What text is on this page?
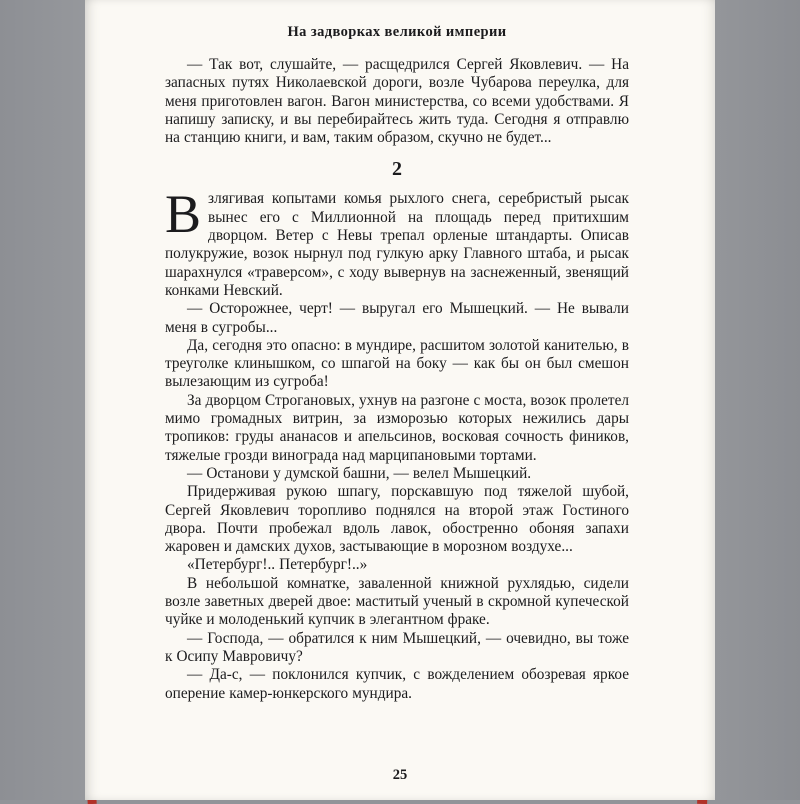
На задворках великой империи

— Так вот, слушайте, — расщедрился Сергей Яковлевич. — На запасных путях Николаевской дороги, возле Чубарова переулка, для меня приготовлен вагон. Вагон министерства, со всеми удобствами. Я напишу записку, и вы перебирайтесь жить туда. Сегодня я отправлю на станцию книги, и вам, таким образом, скучно не будет...

2

Взлягивая копытами комья рыхлого снега, серебристый рысак вынес его с Миллионной на площадь перед притихшим дворцом. Ветер с Невы трепал орленые штандарты. Описав полукружие, возок нырнул под гулкую арку Главного штаба, и рысак шарахнулся «траверсом», с ходу вывернув на заснеженный, звенящий конками Невский.

— Осторожнее, черт! — выругал его Мышецкий. — Не вывали меня в сугробы...

Да, сегодня это опасно: в мундире, расшитом золотой канителью, в треуголке клинышком, со шпагой на боку — как бы он был смешон вылезающим из сугроба!

За дворцом Строгановых, ухнув на разгоне с моста, возок пролетел мимо громадных витрин, за изморозью которых нежились дары тропиков: груды ананасов и апельсинов, восковая сочность фиников, тяжелые грозди винограда над марципановыми тортами.

— Останови у думской башни, — велел Мышецкий.

Придерживая рукою шпагу, порскавшую под тяжелой шубой, Сергей Яковлевич торопливо поднялся на второй этаж Гостиного двора. Почти пробежал вдоль лавок, обостренно обоняя запахи жаровен и дамских духов, застывающие в морозном воздухе...

«Петербург!.. Петербург!..»

В небольшой комнатке, заваленной книжной рухлядью, сидели возле заветных дверей двое: маститый ученый в скромной купеческой чуйке и молоденький купчик в элегантном фраке.

— Господа, — обратился к ним Мышецкий, — очевидно, вы тоже к Осипу Мавровичу?

— Да-с, — поклонился купчик, с вожделением обозревая яркое оперение камер-юнкерского мундира.

25
